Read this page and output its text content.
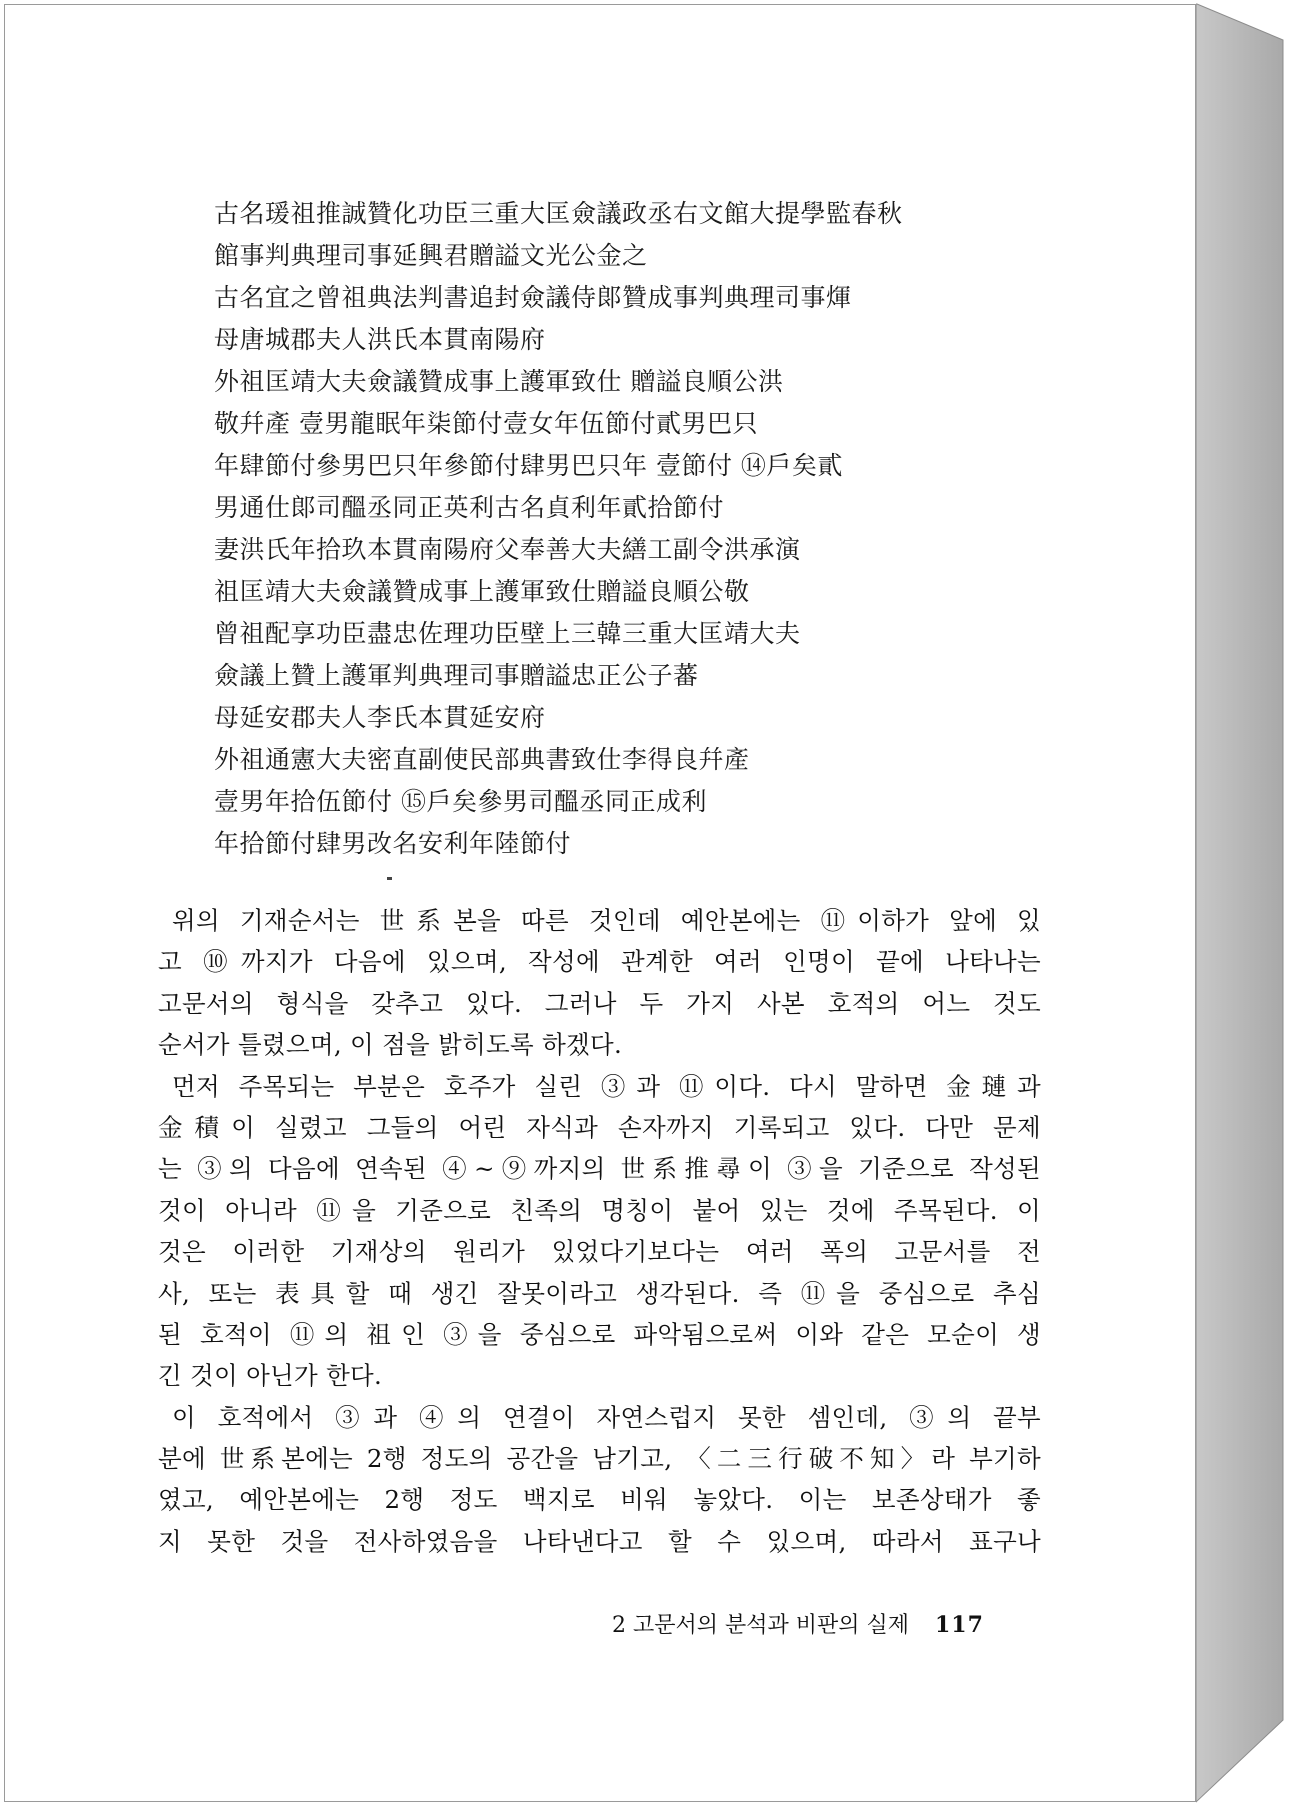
古名瑗祖推誠贊化功臣三重大匡僉議政丞右文館大提學監春秋
館事判典理司事延興君贈謚文光公金之
古名宜之曾祖典法判書追封僉議侍郞贊成事判典理司事煇
母唐城郡夫人洪氏本貫南陽府
外祖匡靖大夫僉議贊成事上護軍致仕 贈謚良順公洪
敬幷產 壹男龍眠年柒節付壹女年伍節付貳男巴只
年肆節付參男巴只年參節付肆男巴只年 壹節付 ⑭戶矣貳
男通仕郞司醞丞同正英利古名貞利年貳拾節付
妻洪氏年拾玖本貫南陽府父奉善大夫繕工副令洪承演
祖匡靖大夫僉議贊成事上護軍致仕贈謚良順公敬
曾祖配享功臣盡忠佐理功臣壁上三韓三重大匡靖大夫
僉議上贊上護軍判典理司事贈謚忠正公子蕃
母延安郡夫人李氏本貫延安府
外祖通憲大夫密直副使民部典書致仕李得良幷產
壹男年拾伍節付 ⑮戶矣參男司醞丞同正成利
年拾節付肆男改名安利年陸節付
위의 기재순서는 世系본을 따른 것인데 예안본에는 ⑪이하가 앞에 있
고 ⑩까지가 다음에 있으며, 작성에 관계한 여러 인명이 끝에 나타나는
고문서의 형식을 갖추고 있다. 그러나 두 가지 사본 호적의 어느 것도
순서가 틀렸으며, 이 점을 밝히도록 하겠다.
먼저 주목되는 부분은 호주가 실린 ③과 ⑪이다. 다시 말하면 金璉과
金積이 실렸고 그들의 어린 자식과 손자까지 기록되고 있다. 다만 문제
는 ③의 다음에 연속된 ④~⑨까지의 世系推尋이 ③을 기준으로 작성된
것이 아니라 ⑪을 기준으로 친족의 명칭이 붙어 있는 것에 주목된다. 이
것은 이러한 기재상의 원리가 있었다기보다는 여러 폭의 고문서를 전
사, 또는 表具할 때 생긴 잘못이라고 생각된다. 즉 ⑪을 중심으로 추심
된 호적이 ⑪의 祖인 ③을 중심으로 파악됨으로써 이와 같은 모순이 생
긴 것이 아닌가 한다.
이 호적에서 ③과 ④의 연결이 자연스럽지 못한 셈인데, ③의 끝부
분에 世系본에는 2행 정도의 공간을 남기고, 〈二三行破不知〉라 부기하
였고, 예안본에는 2행 정도 백지로 비워 놓았다. 이는 보존상태가 좋
지 못한 것을 전사하였음을 나타낸다고 할 수 있으며, 따라서 표구나
2 고문서의 분석과 비판의 실제 117
